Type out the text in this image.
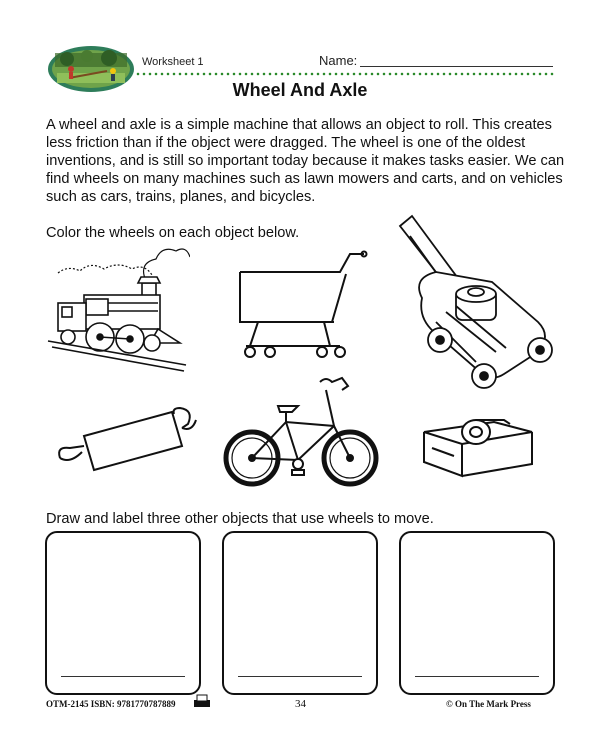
Worksheet 1	Name:
Wheel And Axle

A wheel and axle is a simple machine that allows an object to roll. This creates less friction than if the object were dragged. The wheel is one of the oldest inventions, and is still so important today because it makes tasks easier. We can find wheels on many machines such as lawn mowers and carts, and on vehicles such as cars, trains, planes, and bicycles.

Color the wheels on each object below.
Draw and label three other objects that use wheels to move.
OTM-2145 ISBN: 9781770787889	34	© On The Mark Press
